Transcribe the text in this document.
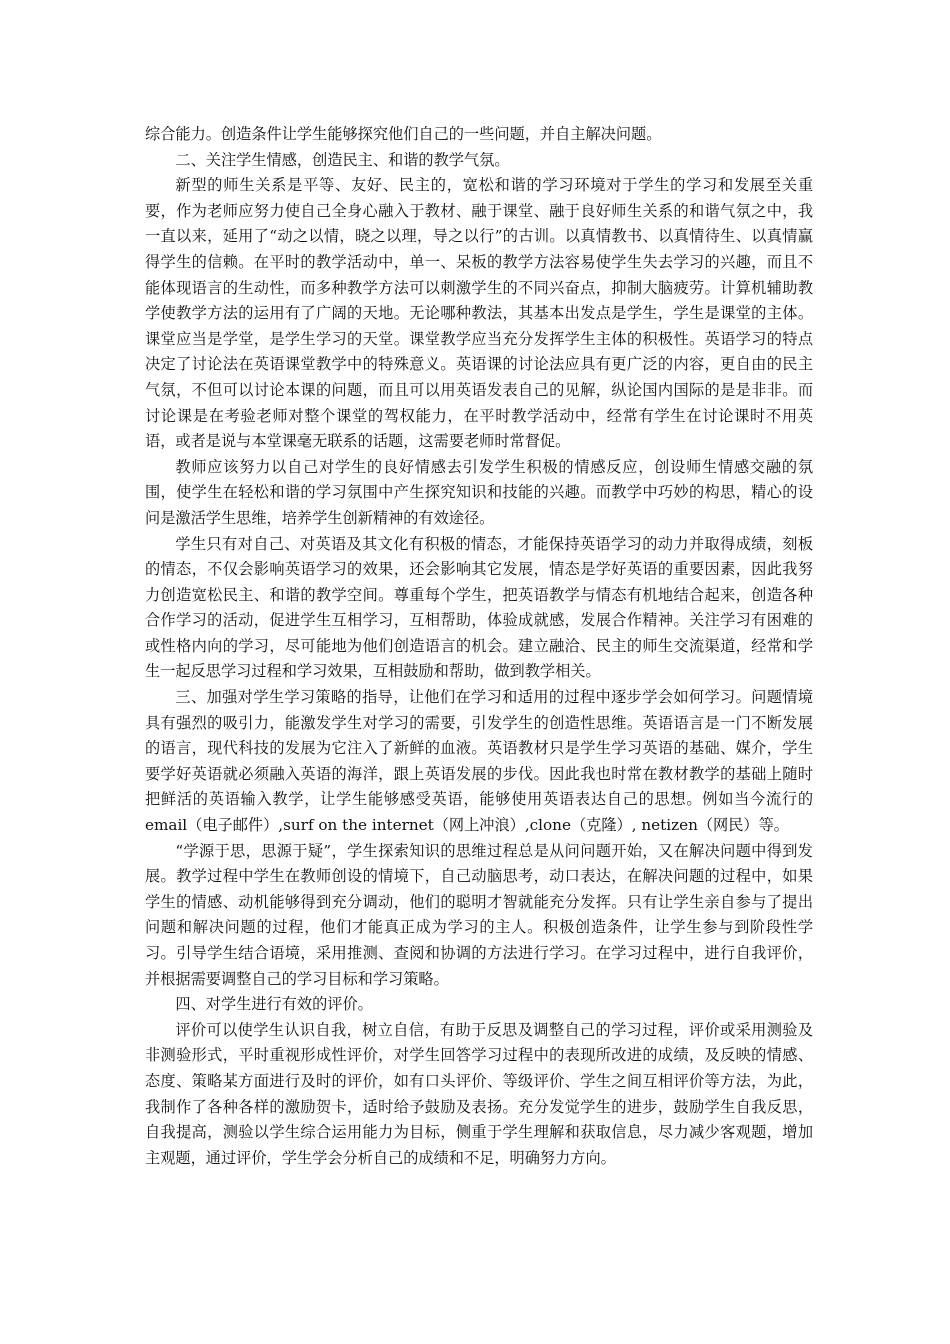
综合能力。创造条件让学生能够探究他们自己的一些问题，并自主解决问题。

二、关注学生情感，创造民主、和谐的教学气氛。

新型的师生关系是平等、友好、民主的，宽松和谐的学习环境对于学生的学习和发展至关重要，作为老师应努力使自己全身心融入于教材、融于课堂、融于良好师生关系的和谐气氛之中，我一直以来，延用了“动之以情，晓之以理，导之以行”的古训。以真情教书、以真情待生、以真情赢得学生的信赖。在平时的教学活动中，单一、呆板的教学方法容易使学生失去学习的兴趣，而且不能体现语言的生动性，而多种教学方法可以刺激学生的不同兴奋点，抑制大脑疲劳。计算机辅助教学使教学方法的运用有了广阔的天地。无论哪种教法，其基本出发点是学生，学生是课堂的主体。课堂应当是学堂，是学生学习的天堂。课堂教学应当充分发挥学生主体的积极性。英语学习的特点决定了讨论法在英语课堂教学中的特殊意义。英语课的讨论法应具有更广泛的内容，更自由的民主气氛，不但可以讨论本课的问题，而且可以用英语发表自己的见解，纵论国内国际的是是非非。而讨论课是在考验老师对整个课堂的驾权能力，在平时教学活动中，经常有学生在讨论课时不用英语，或者是说与本堂课毫无联系的话题，这需要老师时常督促。

教师应该努力以自己对学生的良好情感去引发学生积极的情感反应，创设师生情感交融的氛围，使学生在轻松和谐的学习氛围中产生探究知识和技能的兴趣。而教学中巧妙的构思，精心的设问是激活学生思维，培养学生创新精神的有效途径。

学生只有对自己、对英语及其文化有积极的情态，才能保持英语学习的动力并取得成绩，刻板的情态，不仅会影响英语学习的效果，还会影响其它发展，情态是学好英语的重要因素，因此我努力创造宽松民主、和谐的教学空间。尊重每个学生，把英语教学与情态有机地结合起来，创造各种合作学习的活动，促进学生互相学习，互相帮助，体验成就感，发展合作精神。关注学习有困难的或性格内向的学习，尽可能地为他们创造语言的机会。建立融洽、民主的师生交流渠道，经常和学生一起反思学习过程和学习效果，互相鼓励和帮助，做到教学相关。

三、加强对学生学习策略的指导，让他们在学习和适用的过程中逐步学会如何学习。问题情境具有强烈的吸引力，能激发学生对学习的需要，引发学生的创造性思维。英语语言是一门不断发展的语言，现代科技的发展为它注入了新鲜的血液。英语教材只是学生学习英语的基础、媒介，学生要学好英语就必须融入英语的海洋，跟上英语发展的步伐。因此我也时常在教材教学的基础上随时把鲜活的英语输入教学，让学生能够感受英语，能够使用英语表达自己的思想。例如当今流行的 email（电子邮件）,surf on the internet（网上冲浪）,clone（克隆）, netizen（网民）等。

“学源于思，思源于疑”，学生探索知识的思维过程总是从问问题开始，又在解决问题中得到发展。教学过程中学生在教师创设的情境下，自己动脑思考，动口表达，在解决问题的过程中，如果学生的情感、动机能够得到充分调动，他们的聪明才智就能充分发挥。只有让学生亲自参与了提出问题和解决问题的过程，他们才能真正成为学习的主人。积极创造条件，让学生参与到阶段性学习。引导学生结合语境，采用推测、查阅和协调的方法进行学习。在学习过程中，进行自我评价，并根据需要调整自己的学习目标和学习策略。

四、对学生进行有效的评价。

评价可以使学生认识自我，树立自信，有助于反思及调整自己的学习过程，评价或采用测验及非测验形式，平时重视形成性评价，对学生回答学习过程中的表现所改进的成绩，及反映的情感、态度、策略某方面进行及时的评价，如有口头评价、等级评价、学生之间互相评价等方法，为此，我制作了各种各样的激励贺卡，适时给予鼓励及表扬。充分发觉学生的进步，鼓励学生自我反思，自我提高，测验以学生综合运用能力为目标，侧重于学生理解和获取信息，尽力减少客观题，增加主观题，通过评价，学生学会分析自己的成绩和不足，明确努力方向。
